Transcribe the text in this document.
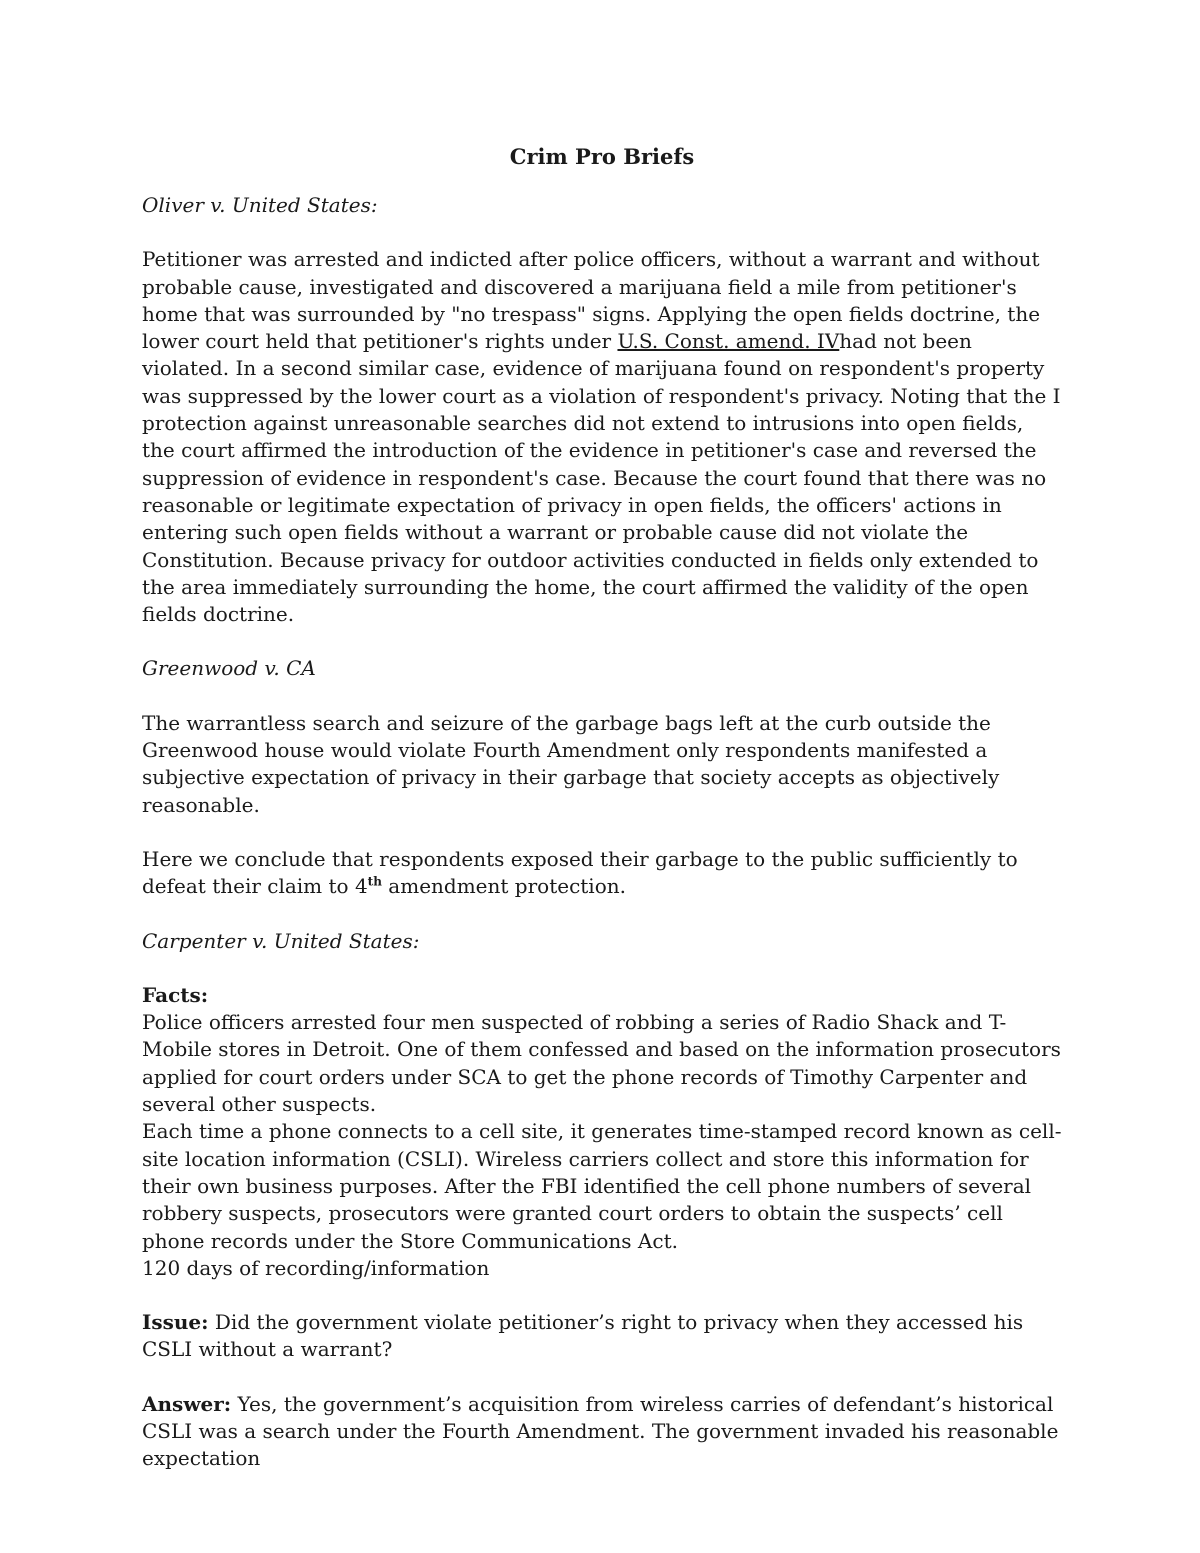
Crim Pro Briefs
Oliver v. United States:

Petitioner was arrested and indicted after police officers, without a warrant and without probable cause, investigated and discovered a marijuana field a mile from petitioner's home that was surrounded by "no trespass" signs. Applying the open fields doctrine, the lower court held that petitioner's rights under U.S. Const. amend. IVhad not been violated. In a second similar case, evidence of marijuana found on respondent's property was suppressed by the lower court as a violation of respondent's privacy. Noting that the I protection against unreasonable searches did not extend to intrusions into open fields, the court affirmed the introduction of the evidence in petitioner's case and reversed the suppression of evidence in respondent's case. Because the court found that there was no reasonable or legitimate expectation of privacy in open fields, the officers' actions in entering such open fields without a warrant or probable cause did not violate the Constitution. Because privacy for outdoor activities conducted in fields only extended to the area immediately surrounding the home, the court affirmed the validity of the open fields doctrine.

Greenwood v. CA

The warrantless search and seizure of the garbage bags left at the curb outside the Greenwood house would violate Fourth Amendment only respondents manifested a subjective expectation of privacy in their garbage that society accepts as objectively reasonable.

Here we conclude that respondents exposed their garbage to the public sufficiently to defeat their claim to 4th amendment protection.

Carpenter v. United States:
Facts:
Police officers arrested four men suspected of robbing a series of Radio Shack and T-Mobile stores in Detroit. One of them confessed and based on the information prosecutors applied for court orders under SCA to get the phone records of Timothy Carpenter and several other suspects.
Each time a phone connects to a cell site, it generates time-stamped record known as cell-site location information (CSLI). Wireless carriers collect and store this information for their own business purposes. After the FBI identified the cell phone numbers of several robbery suspects, prosecutors were granted court orders to obtain the suspects’ cell phone records under the Store Communications Act.
120 days of recording/information

Issue: Did the government violate petitioner’s right to privacy when they accessed his CSLI without a warrant?

Answer: Yes, the government’s acquisition from wireless carries of defendant’s historical CSLI was a search under the Fourth Amendment. The government invaded his reasonable expectation
